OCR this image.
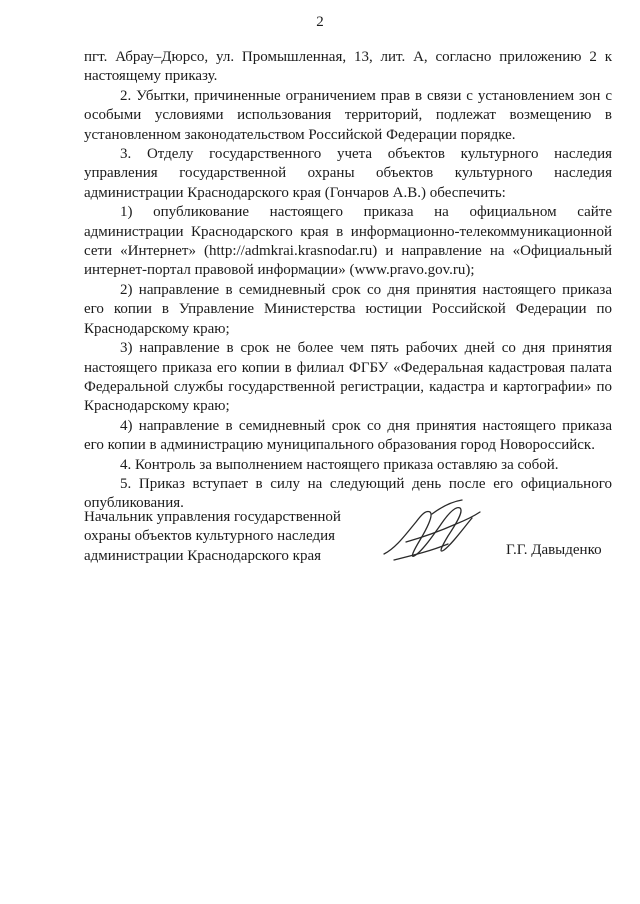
2

пгт. Абрау–Дюрсо, ул. Промышленная, 13, лит. А, согласно приложению 2 к настоящему приказу.

2. Убытки, причиненные ограничением прав в связи с установлением зон с особыми условиями использования территорий, подлежат возмещению в установленном законодательством Российской Федерации порядке.

3. Отделу государственного учета объектов культурного наследия управления государственной охраны объектов культурного наследия администрации Краснодарского края (Гончаров А.В.) обеспечить:

1) опубликование настоящего приказа на официальном сайте администрации Краснодарского края в информационно-телекоммуникационной сети «Интернет» (http://admkrai.krasnodar.ru) и направление на «Официальный интернет-портал правовой информации» (www.pravo.gov.ru);

2) направление в семидневный срок со дня принятия настоящего приказа его копии в Управление Министерства юстиции Российской Федерации по Краснодарскому краю;

3) направление в срок не более чем пять рабочих дней со дня принятия настоящего приказа его копии в филиал ФГБУ «Федеральная кадастровая палата Федеральной службы государственной регистрации, кадастра и картографии» по Краснодарскому краю;

4) направление в семидневный срок со дня принятия настоящего приказа его копии в администрацию муниципального образования город Новороссийск.

4. Контроль за выполнением настоящего приказа оставляю за собой.

5. Приказ вступает в силу на следующий день после его официального опубликования.

Начальник управления государственной
охраны объектов культурного наследия
администрации Краснодарского края	Г.Г. Давыденко
